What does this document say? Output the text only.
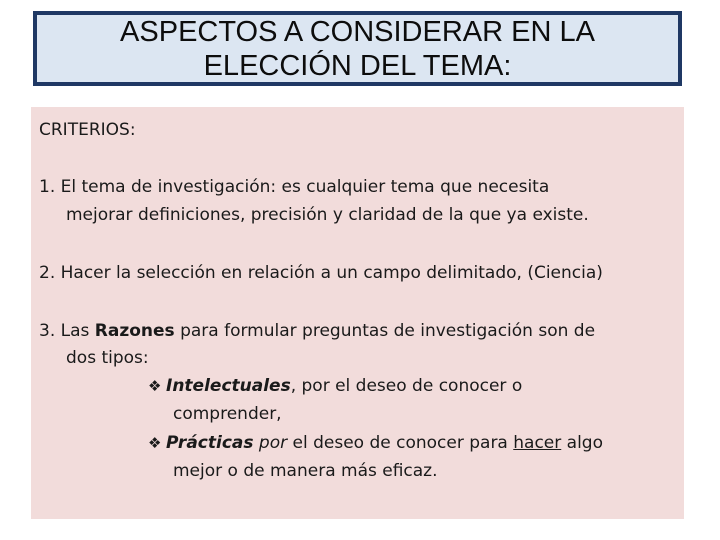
ASPECTOS A CONSIDERAR EN LA
ELECCIÓN DEL TEMA:
CRITERIOS:
1. El tema de investigación: es cualquier tema que necesita
mejorar definiciones, precisión y claridad de la que ya existe.
2. Hacer la selección en relación a un campo delimitado, (Ciencia)
3. Las Razones para formular preguntas de investigación son de
dos tipos:
❖ Intelectuales, por el deseo de conocer o
comprender,
❖ Prácticas por el deseo de conocer para hacer algo
mejor o de manera más eficaz.
